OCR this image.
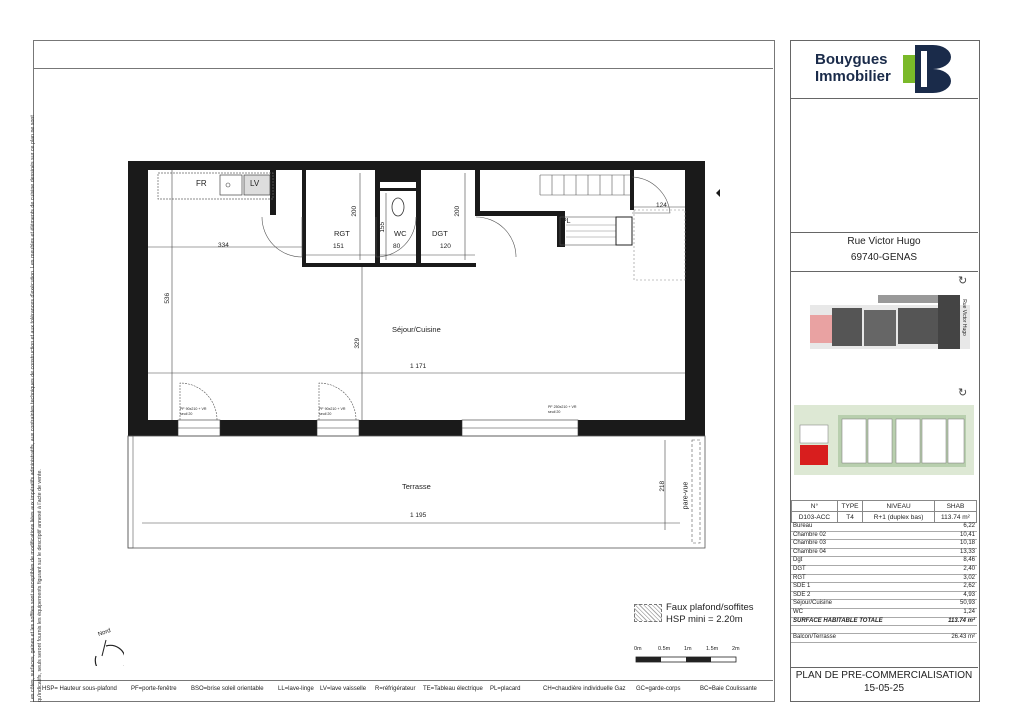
Les côtes, surfaces, gaines et les soffites sont susceptibles de modifications liées aux impératifs administratifs, aux contraintes techniques de construction et aux tolérances d'exécution. Les meubles et éléments de cuisine dessinés sur ce plan ne sont qu'indicatifs, seuls seront fournis les équipements figurant sur le descriptif annexé à l'acte de vente.
FR	LV
RGT	WC	DGT
PL
Séjour/Cuisine
Terrasse	pare-vue
200
155
200
124
334	151	80	120
536
329
1 171
218
1 195
PF 90x210 + VR
seuil 20
PF 90x210 + VR
seuil 20
PF 250x210 + VR
seuil 20
Faux plafond/soffites
HSP mini = 2.20m
Nord
0m	0.5m	1m	1.5m	2m
HSP= Hauteur sous-plafond PF=porte-fenêtre BSO=brise soleil orientable LL=lave-linge LV=lave vaisselle R=réfrigérateur TE=Tableau électrique PL=placard	CH=chaudière individuelle Gaz GC=garde-corps	BC=Baie Coulissante
Bouygues
Immobilier
Rue Victor Hugo
69740-GENAS
Rue Victor Hugo
↻
↻
N°	TYPE	NIVEAU	SHAB
D103-ACC	T4	R+1 (duplex bas)	113.74 m²
Bureau	6,22
Chambre 02	10,41
Chambre 03	10,18
Chambre 04	13,33
Dgt	8,46
DGT	2,40
RGT	3,02
SDE 1	2,62
SDE 2	4,93
Séjour/Cuisine	50,93
WC	1,24
SURFACE HABITABLE TOTALE	113.74 m²
Balcon/Terrasse	26.43 m²
PLAN DE PRE-COMMERCIALISATION
15-05-25
